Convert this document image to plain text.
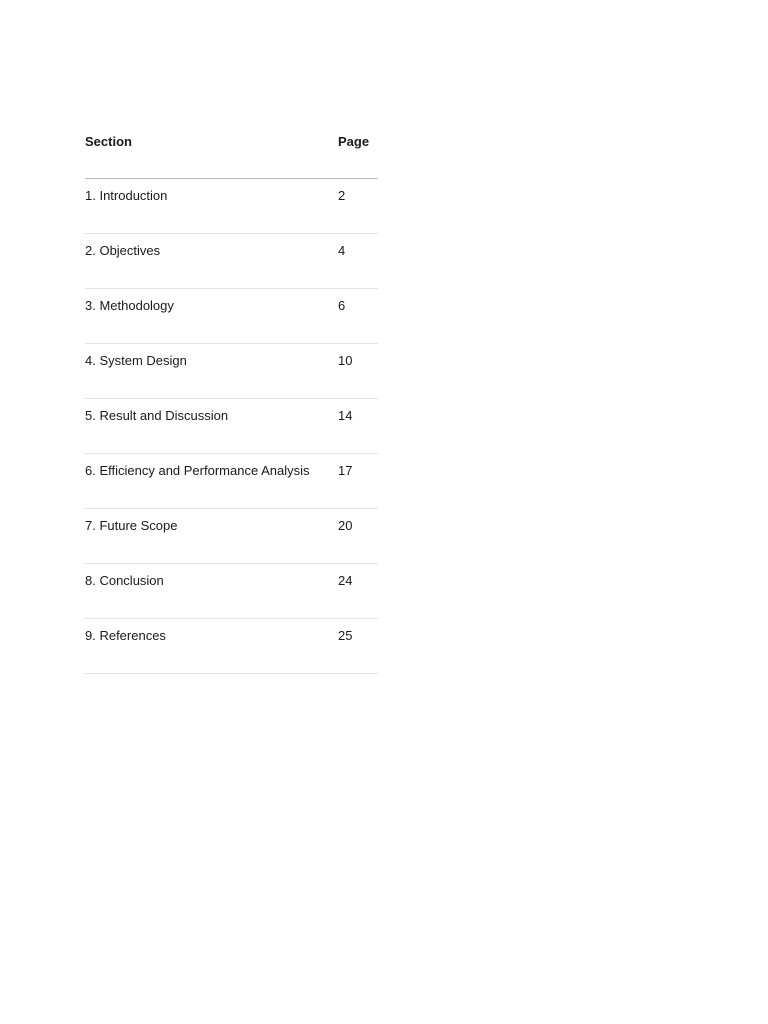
Section	Page
1. Introduction	2
2. Objectives	4
3. Methodology	6
4. System Design	10
5. Result and Discussion	14
6. Efficiency and Performance Analysis	17
7. Future Scope	20
8. Conclusion	24
9. References	25
